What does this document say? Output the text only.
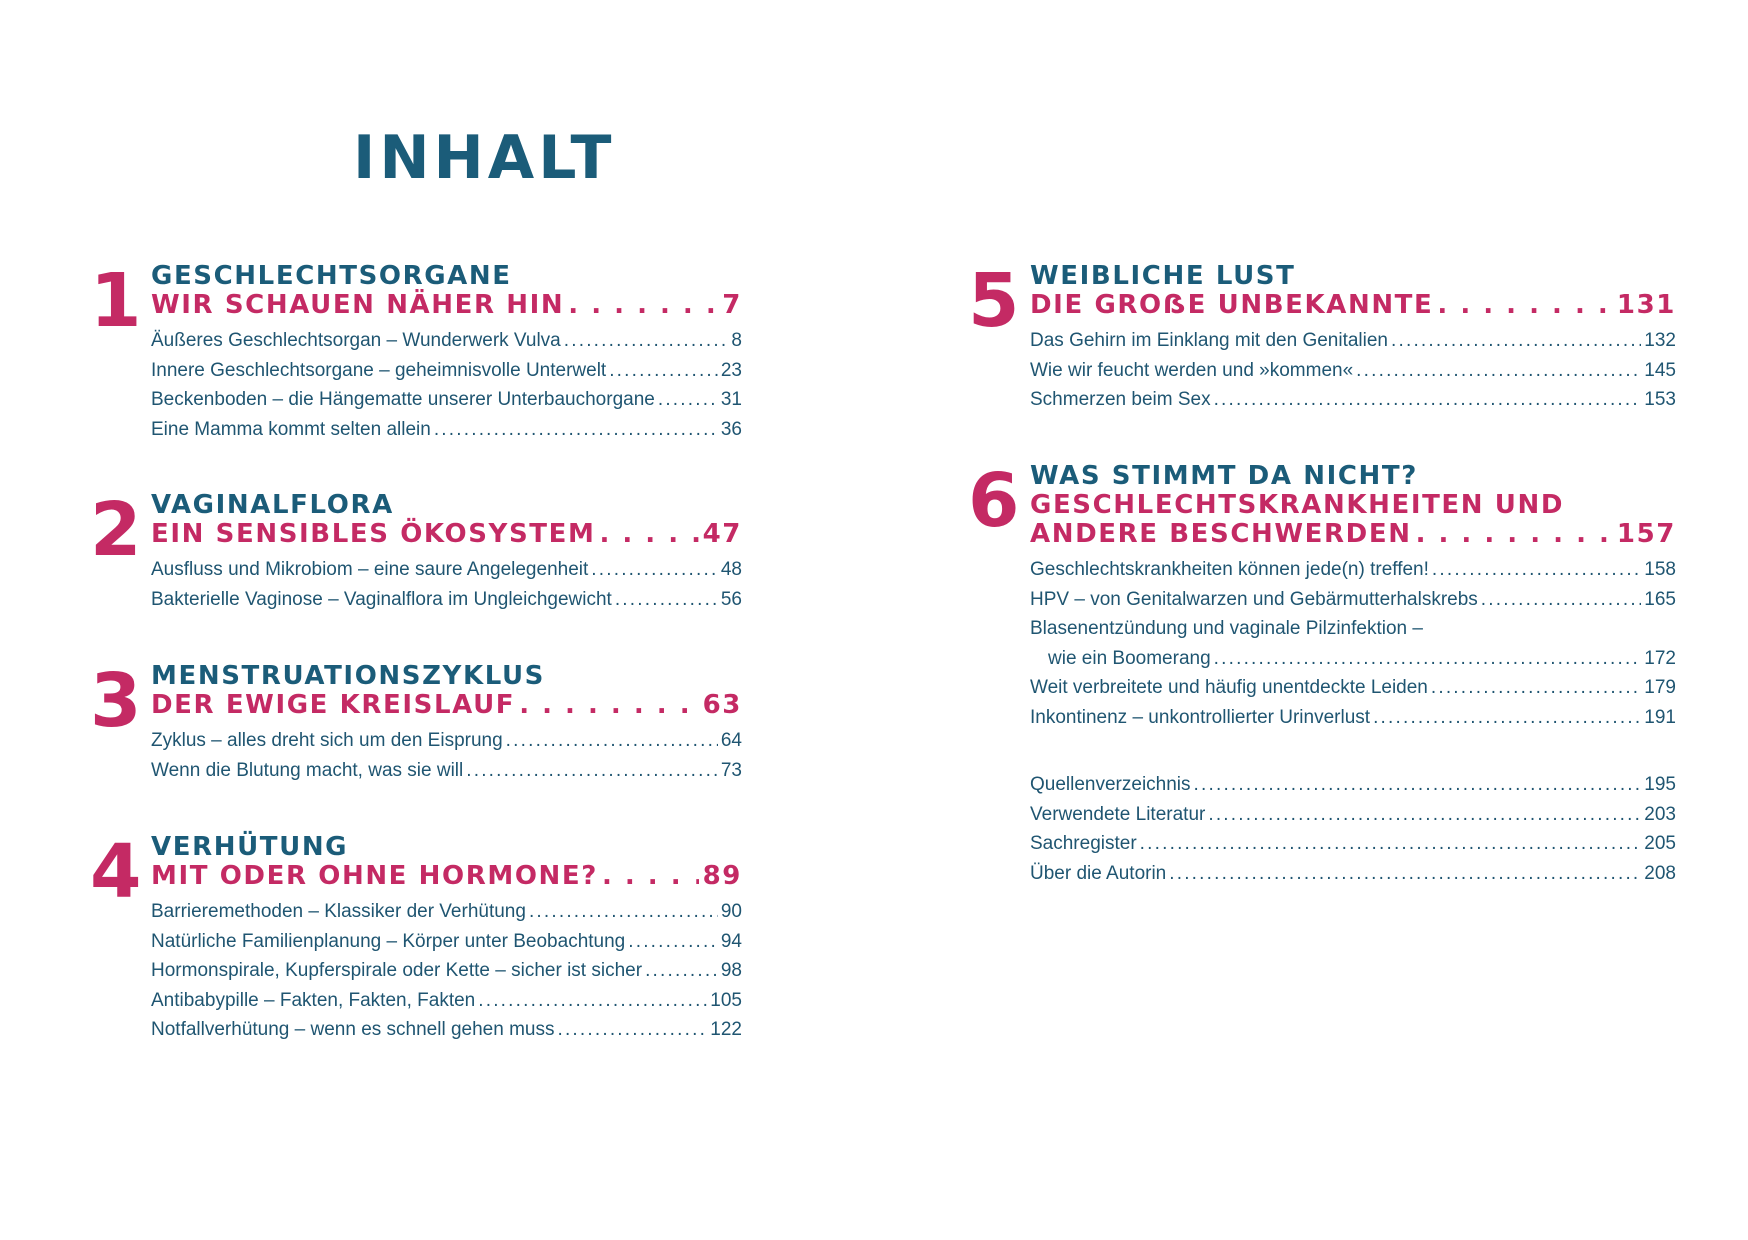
INHALT
1 GESCHLECHTSORGANE
WIR SCHAUEN NÄHER HIN . . .	7
Äußeres Geschlechtsorgan – Wunderwerk Vulva .....	8
Innere Geschlechtsorgane – geheimnisvolle Unterwelt .....	23
Beckenboden – die Hängematte unserer Unterbauchorgane .....	31
Eine Mamma kommt selten allein .....	36
2 VAGINALFLORA
EIN SENSIBLES ÖKOSYSTEM . . .	47
Ausfluss und Mikrobiom – eine saure Angelegenheit .....	48
Bakterielle Vaginose – Vaginalflora im Ungleichgewicht .....	56
3 MENSTRUATIONSZYKLUS
DER EWIGE KREISLAUF . . .	63
Zyklus – alles dreht sich um den Eisprung .....	64
Wenn die Blutung macht, was sie will .....	73
4 VERHÜTUNG
MIT ODER OHNE HORMONE? . . .	89
Barrieremethoden – Klassiker der Verhütung .....	90
Natürliche Familienplanung – Körper unter Beobachtung .....	94
Hormonspirale, Kupferspirale oder Kette – sicher ist sicher .....	98
Antibabypille – Fakten, Fakten, Fakten .....	105
Notfallverhütung – wenn es schnell gehen muss .....	122
5 WEIBLICHE LUST
DIE GROẞE UNBEKANNTE . . .	131
Das Gehirn im Einklang mit den Genitalien .....	132
Wie wir feucht werden und »kommen« .....	145
Schmerzen beim Sex .....	153
6 WAS STIMMT DA NICHT?
GESCHLECHTSKRANKHEITEN UND
ANDERE BESCHWERDEN . . .	157
Geschlechtskrankheiten können jede(n) treffen! .....	158
HPV – von Genitalwarzen und Gebärmutterhalskrebs .....	165
Blasenentzündung und vaginale Pilzinfektion –
wie ein Boomerang .....	172
Weit verbreitete und häufig unentdeckte Leiden .....	179
Inkontinenz – unkontrollierter Urinverlust .....	191
Quellenverzeichnis .....	195
Verwendete Literatur .....	203
Sachregister .....	205
Über die Autorin .....	208
